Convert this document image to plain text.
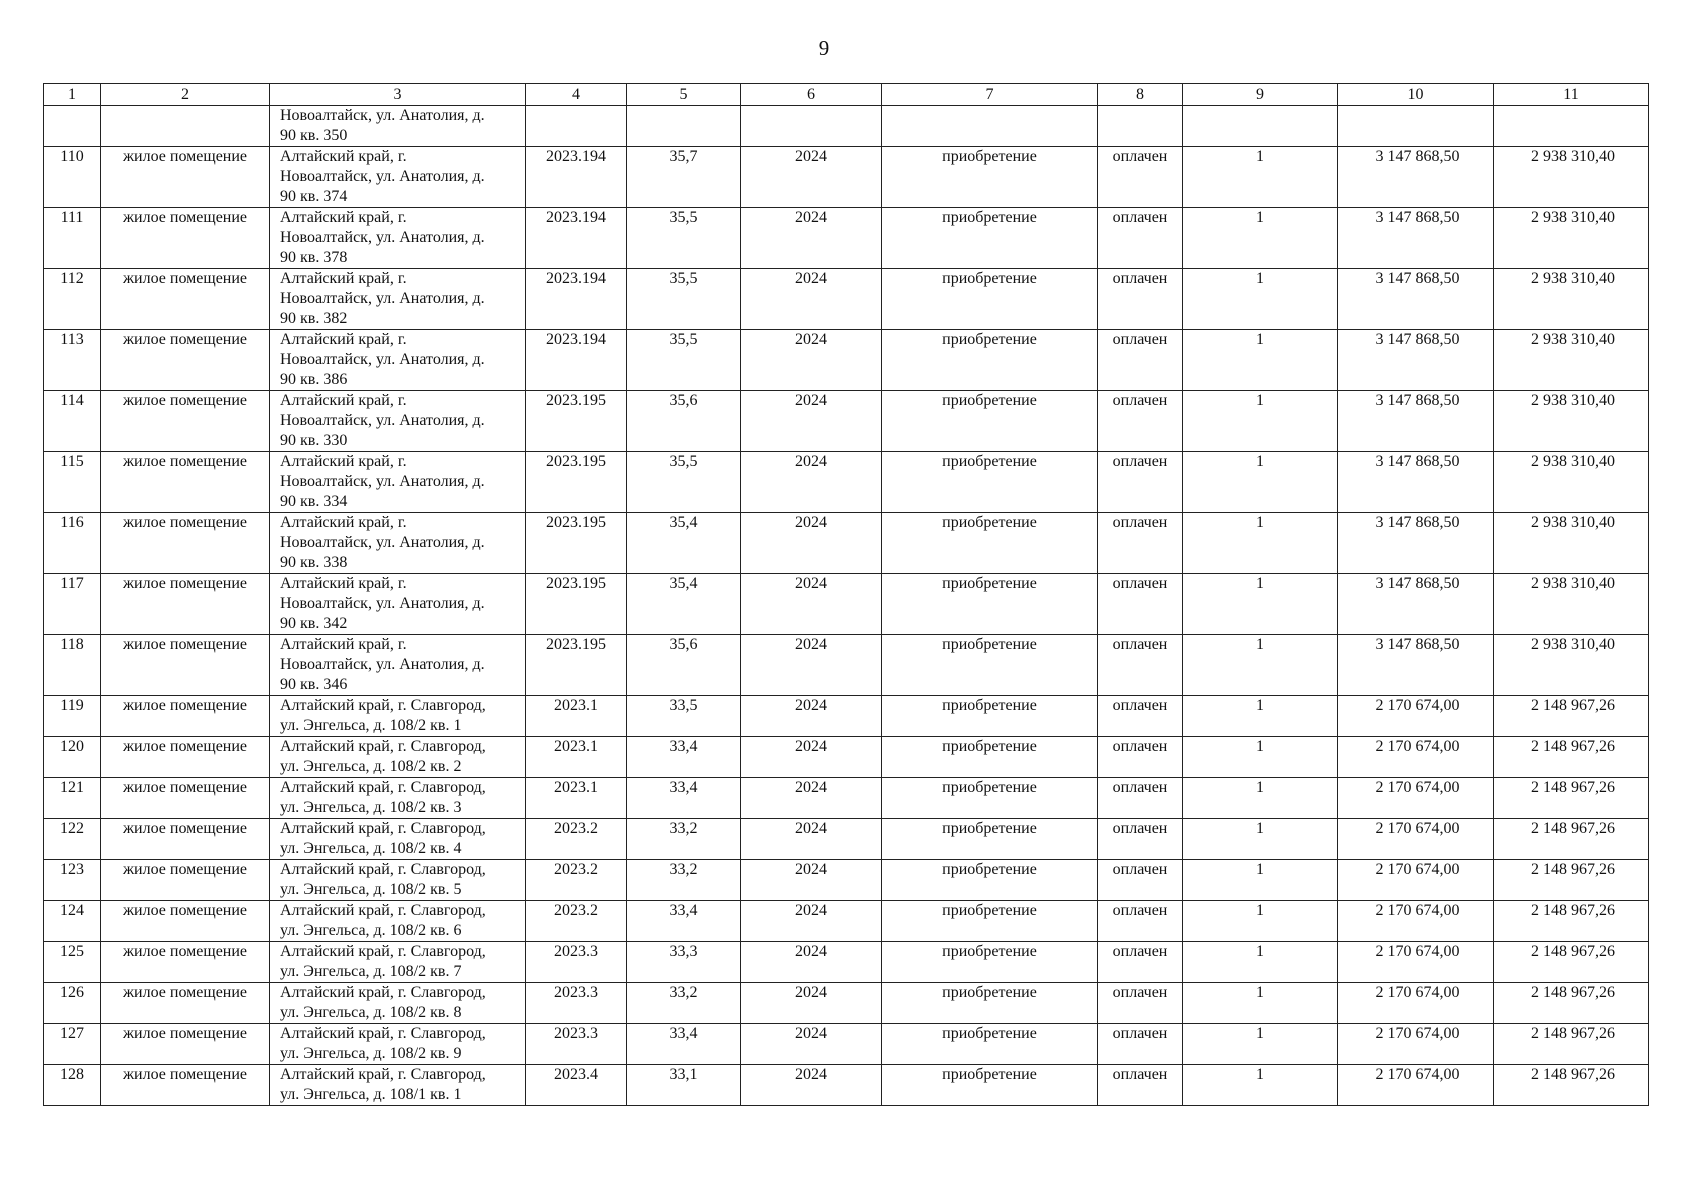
9
1	2	3	4	5	6	7	8	9	10	11

		Новоалтайск, ул. Анатолия, д.
90 кв. 350								

110	жилое помещение	Алтайский край, г.
Новоалтайск, ул. Анатолия, д.
90 кв. 374	2023.194	35,7	2024	приобретение	оплачен	1	3 147 868,50	2 938 310,40
111	жилое помещение	Алтайский край, г.
Новоалтайск, ул. Анатолия, д.
90 кв. 378	2023.194	35,5	2024	приобретение	оплачен	1	3 147 868,50	2 938 310,40
112	жилое помещение	Алтайский край, г.
Новоалтайск, ул. Анатолия, д.
90 кв. 382	2023.194	35,5	2024	приобретение	оплачен	1	3 147 868,50	2 938 310,40
113	жилое помещение	Алтайский край, г.
Новоалтайск, ул. Анатолия, д.
90 кв. 386	2023.194	35,5	2024	приобретение	оплачен	1	3 147 868,50	2 938 310,40
114	жилое помещение	Алтайский край, г.
Новоалтайск, ул. Анатолия, д.
90 кв. 330	2023.195	35,6	2024	приобретение	оплачен	1	3 147 868,50	2 938 310,40
115	жилое помещение	Алтайский край, г.
Новоалтайск, ул. Анатолия, д.
90 кв. 334	2023.195	35,5	2024	приобретение	оплачен	1	3 147 868,50	2 938 310,40
116	жилое помещение	Алтайский край, г.
Новоалтайск, ул. Анатолия, д.
90 кв. 338	2023.195	35,4	2024	приобретение	оплачен	1	3 147 868,50	2 938 310,40
117	жилое помещение	Алтайский край, г.
Новоалтайск, ул. Анатолия, д.
90 кв. 342	2023.195	35,4	2024	приобретение	оплачен	1	3 147 868,50	2 938 310,40
118	жилое помещение	Алтайский край, г.
Новоалтайск, ул. Анатолия, д.
90 кв. 346	2023.195	35,6	2024	приобретение	оплачен	1	3 147 868,50	2 938 310,40
119	жилое помещение	Алтайский край, г. Славгород,
ул. Энгельса, д. 108/2 кв. 1	2023.1	33,5	2024	приобретение	оплачен	1	2 170 674,00	2 148 967,26
120	жилое помещение	Алтайский край, г. Славгород,
ул. Энгельса, д. 108/2 кв. 2	2023.1	33,4	2024	приобретение	оплачен	1	2 170 674,00	2 148 967,26
121	жилое помещение	Алтайский край, г. Славгород,
ул. Энгельса, д. 108/2 кв. 3	2023.1	33,4	2024	приобретение	оплачен	1	2 170 674,00	2 148 967,26
122	жилое помещение	Алтайский край, г. Славгород,
ул. Энгельса, д. 108/2 кв. 4	2023.2	33,2	2024	приобретение	оплачен	1	2 170 674,00	2 148 967,26
123	жилое помещение	Алтайский край, г. Славгород,
ул. Энгельса, д. 108/2 кв. 5	2023.2	33,2	2024	приобретение	оплачен	1	2 170 674,00	2 148 967,26
124	жилое помещение	Алтайский край, г. Славгород,
ул. Энгельса, д. 108/2 кв. 6	2023.2	33,4	2024	приобретение	оплачен	1	2 170 674,00	2 148 967,26
125	жилое помещение	Алтайский край, г. Славгород,
ул. Энгельса, д. 108/2 кв. 7	2023.3	33,3	2024	приобретение	оплачен	1	2 170 674,00	2 148 967,26
126	жилое помещение	Алтайский край, г. Славгород,
ул. Энгельса, д. 108/2 кв. 8	2023.3	33,2	2024	приобретение	оплачен	1	2 170 674,00	2 148 967,26
127	жилое помещение	Алтайский край, г. Славгород,
ул. Энгельса, д. 108/2 кв. 9	2023.3	33,4	2024	приобретение	оплачен	1	2 170 674,00	2 148 967,26
128	жилое помещение	Алтайский край, г. Славгород,
ул. Энгельса, д. 108/1 кв. 1	2023.4	33,1	2024	приобретение	оплачен	1	2 170 674,00	2 148 967,26
